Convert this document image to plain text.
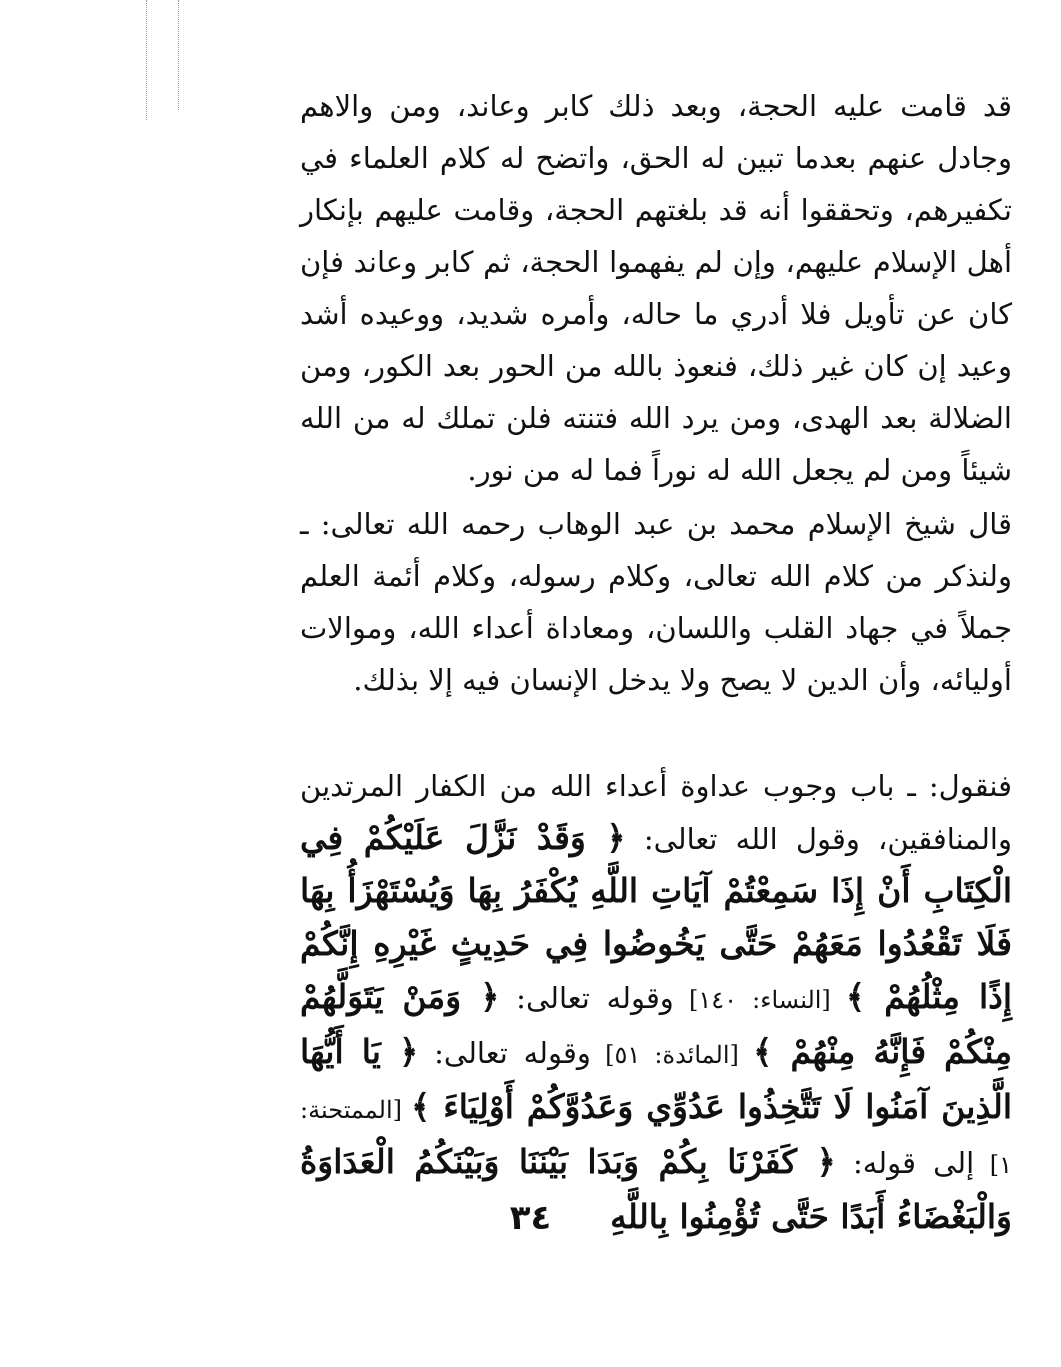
قد قامت عليه الحجة، وبعد ذلك كابر وعاند، ومن والاهم وجادل عنهم بعدما تبين له الحق، واتضح له كلام العلماء في تكفيرهم، وتحققوا أنه قد بلغتهم الحجة، وقامت عليهم بإنكار أهل الإسلام عليهم، وإن لم يفهموا الحجة، ثم كابر وعاند فإن كان عن تأويل فلا أدري ما حاله، وأمره شديد، ووعيده أشد وعيد إن كان غير ذلك، فنعوذ بالله من الحور بعد الكور، ومن الضلالة بعد الهدى، ومن يرد الله فتنته فلن تملك له من الله شيئاً ومن لم يجعل الله له نوراً فما له من نور.

قال شيخ الإسلام محمد بن عبد الوهاب رحمه الله تعالى: ـ ولنذكر من كلام الله تعالى، وكلام رسوله، وكلام أئمة العلم جملاً في جهاد القلب واللسان، ومعاداة أعداء الله، وموالات أوليائه، وأن الدين لا يصح ولا يدخل الإنسان فيه إلا بذلك.

فنقول: ـ باب وجوب عداوة أعداء الله من الكفار المرتدين والمنافقين، وقول الله تعالى: ﴿ وَقَدْ نَزَّلَ عَلَيْكُمْ فِي الْكِتَابِ أَنْ إِذَا سَمِعْتُمْ آيَاتِ اللَّهِ يُكْفَرُ بِهَا وَيُسْتَهْزَأُ بِهَا فَلَا تَقْعُدُوا مَعَهُمْ حَتَّى يَخُوضُوا فِي حَدِيثٍ غَيْرِهِ إِنَّكُمْ إِذًا مِثْلُهُمْ ﴾ [النساء: ١٤٠] وقوله تعالى: ﴿ وَمَنْ يَتَوَلَّهُمْ مِنْكُمْ فَإِنَّهُ مِنْهُمْ ﴾ [المائدة: ٥١] وقوله تعالى: ﴿ يَا أَيُّهَا الَّذِينَ آمَنُوا لَا تَتَّخِذُوا عَدُوِّي وَعَدُوَّكُمْ أَوْلِيَاءَ ﴾ [الممتحنة: ١] إلى قوله: ﴿ كَفَرْنَا بِكُمْ وَبَدَا بَيْنَنَا وَبَيْنَكُمُ الْعَدَاوَةُ وَالْبَغْضَاءُ أَبَدًا حَتَّى تُؤْمِنُوا بِاللَّهِ

٣٤
